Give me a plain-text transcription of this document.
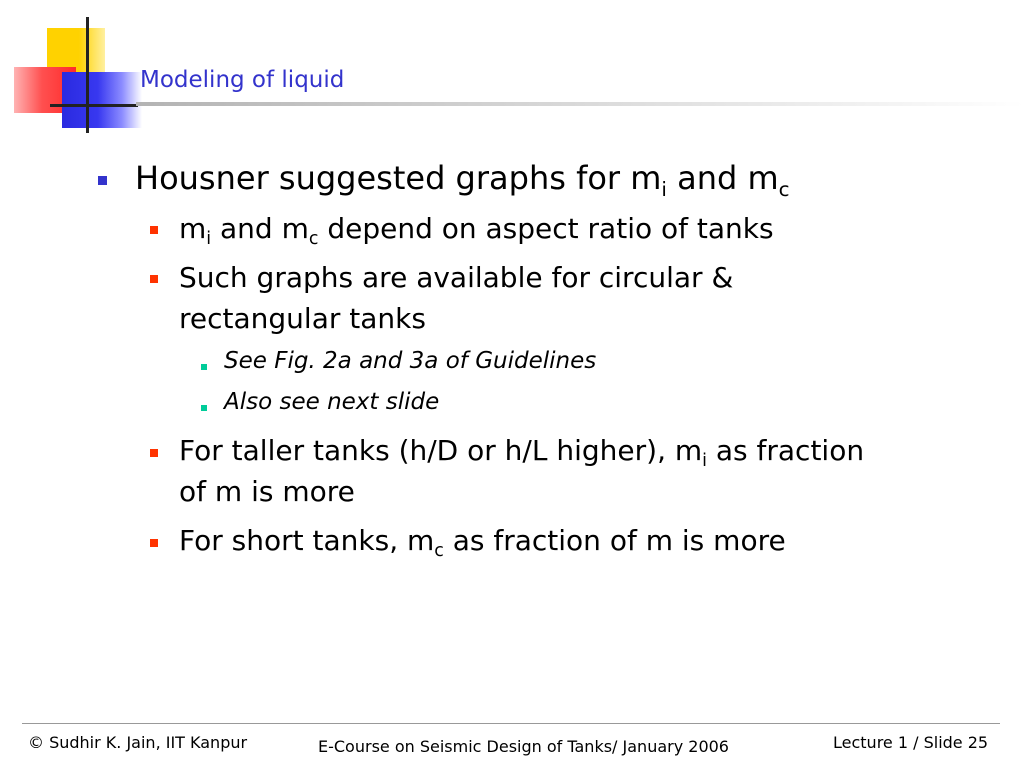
Modeling of liquid
Housner suggested graphs for $m_i$ and $m_c$
$m_i$ and $m_c$ depend on aspect ratio of tanks
Such graphs are available for circular &
rectangular tanks
See Fig. 2a and 3a of Guidelines
Also see next slide
For taller tanks (h/D or h/L higher), $m_i$ as fraction
of m is more
For short tanks, $m_c$ as fraction of m is more
© Sudhir K. Jain, IIT Kanpur	E-Course on Seismic Design of Tanks/ January 2006	Lecture 1 / Slide 25
